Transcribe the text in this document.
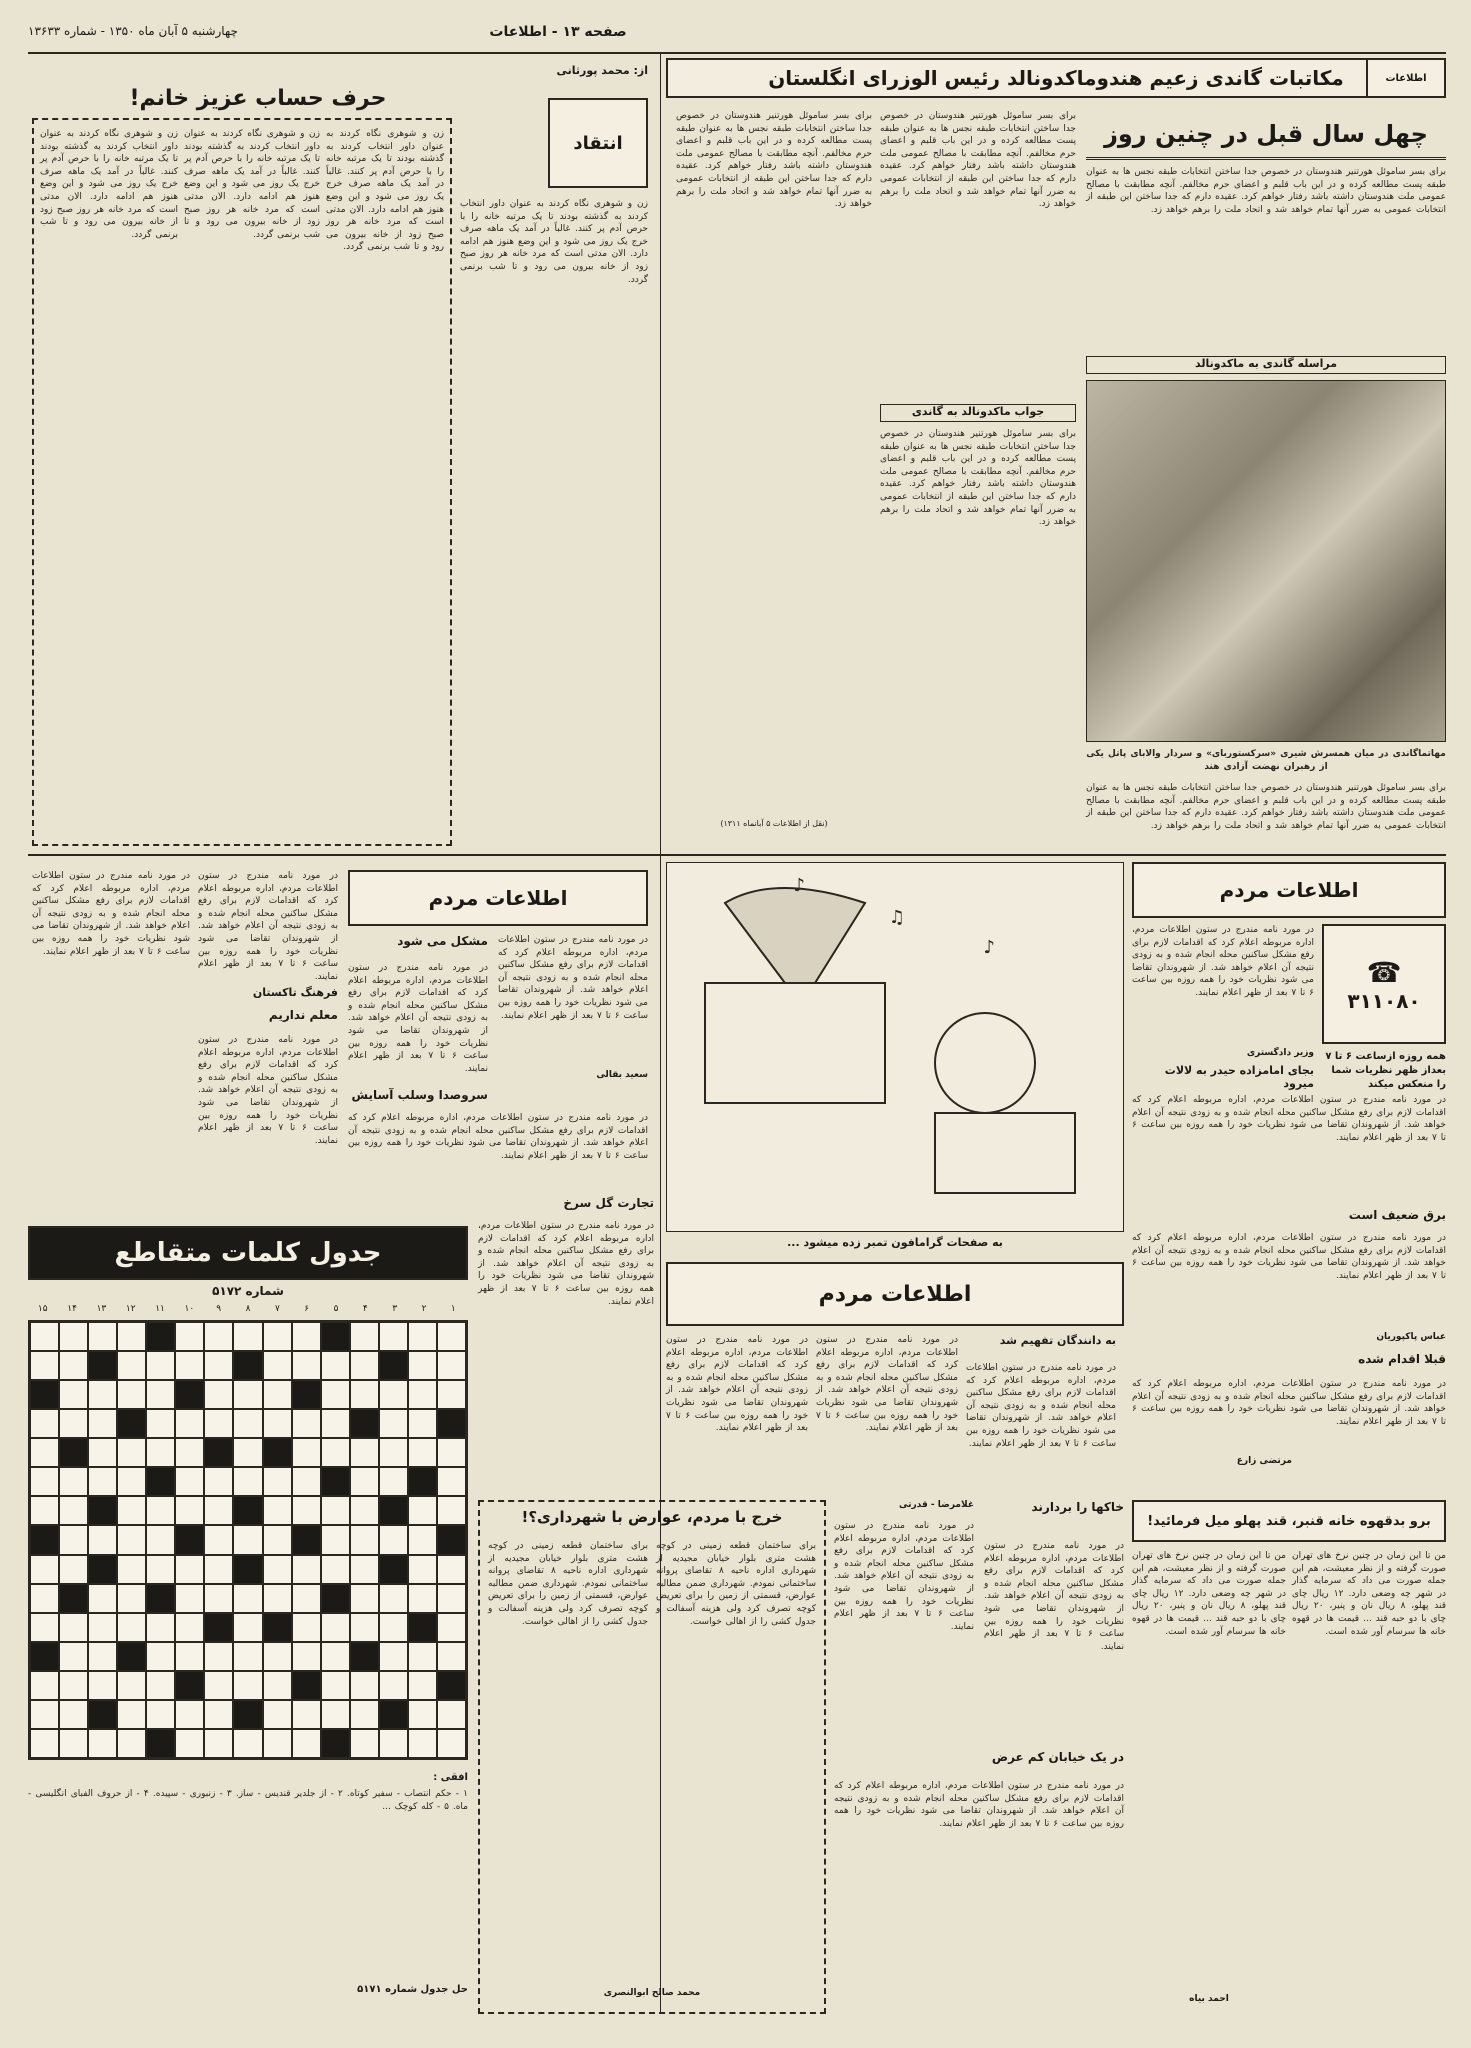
چهارشنبه ۵ آبان ماه ۱۳۵۰ - شماره ۱۳۶۳۳	صفحه ۱۳ - اطلاعات
مکاتبات گاندی زعیم هندوماکدونالد رئیس الوزرای انگلستان	اطلاعات
چهل سال قبل در چنین روز
برای بسر ساموئل هورتنیر هندوستان در خصوص جدا ساختن انتخابات طبقه نجس ها به عنوان طبقه پست مطالعه کرده و در این باب قلبم و اعضای حرم مخالفم. آنچه مطابقت با مصالح عمومی ملت هندوستان داشته باشد رفتار خواهم کرد. عقیده دارم که جدا ساختن این طبقه از انتخابات عمومی به ضرر آنها تمام خواهد شد و اتحاد ملت را برهم خواهد زد.
مراسله گاندی به ماکدونالد
مهاتماگاندی در میان همسرش شیری «سرکستوربای» و سردار والابای پاتل یکی از رهبران نهضت آزادی هند
برای بسر ساموئل هورتنیر هندوستان در خصوص جدا ساختن انتخابات طبقه نجس ها به عنوان طبقه پست مطالعه کرده و در این باب قلبم و اعضای حرم مخالفم. آنچه مطابقت با مصالح عمومی ملت هندوستان داشته باشد رفتار خواهم کرد. عقیده دارم که جدا ساختن این طبقه از انتخابات عمومی به ضرر آنها تمام خواهد شد و اتحاد ملت را برهم خواهد زد.
برای بسر ساموئل هورتنیر هندوستان در خصوص جدا ساختن انتخابات طبقه نجس ها به عنوان طبقه پست مطالعه کرده و در این باب قلبم و اعضای حرم مخالفم. آنچه مطابقت با مصالح عمومی ملت هندوستان داشته باشد رفتار خواهم کرد. عقیده دارم که جدا ساختن این طبقه از انتخابات عمومی به ضرر آنها تمام خواهد شد و اتحاد ملت را برهم خواهد زد.
جواب ماکدونالد به گاندی
برای بسر ساموئل هورتنیر هندوستان در خصوص جدا ساختن انتخابات طبقه نجس ها به عنوان طبقه پست مطالعه کرده و در این باب قلبم و اعضای حرم مخالفم. آنچه مطابقت با مصالح عمومی ملت هندوستان داشته باشد رفتار خواهم کرد. عقیده دارم که جدا ساختن این طبقه از انتخابات عمومی به ضرر آنها تمام خواهد شد و اتحاد ملت را برهم خواهد زد.
برای بسر ساموئل هورتنیر هندوستان در خصوص جدا ساختن انتخابات طبقه نجس ها به عنوان طبقه پست مطالعه کرده و در این باب قلبم و اعضای حرم مخالفم. آنچه مطابقت با مصالح عمومی ملت هندوستان داشته باشد رفتار خواهم کرد. عقیده دارم که جدا ساختن این طبقه از انتخابات عمومی به ضرر آنها تمام خواهد شد و اتحاد ملت را برهم خواهد زد.
(نقل از اطلاعات ۵ آبانماه ۱۳۱۱)
از: محمد پورثانی
حرف حساب عزیز خانم!
زن و شوهری نگاه کردند به عنوان داور انتخاب کردند به گذشته بودند تا یک مرتبه خانه را با حرص آدم پر کنند. غالباً در آمد یک ماهه صرف خرج یک روز می شود و این وضع هنوز هم ادامه دارد. الان مدتی است که مرد خانه هر روز صبح زود از خانه بیرون می رود و تا شب برنمی گردد.
زن و شوهری نگاه کردند به عنوان داور انتخاب کردند به گذشته بودند تا یک مرتبه خانه را با حرص آدم پر کنند. غالباً در آمد یک ماهه صرف خرج یک روز می شود و این وضع هنوز هم ادامه دارد. الان مدتی است که مرد خانه هر روز صبح زود از خانه بیرون می رود و تا شب برنمی گردد.
زن و شوهری نگاه کردند به عنوان داور انتخاب کردند به گذشته بودند تا یک مرتبه خانه را با حرص آدم پر کنند. غالباً در آمد یک ماهه صرف خرج یک روز می شود و این وضع هنوز هم ادامه دارد. الان مدتی است که مرد خانه هر روز صبح زود از خانه بیرون می رود و تا شب برنمی گردد.
انتقاد
زن و شوهری نگاه کردند به عنوان داور انتخاب کردند به گذشته بودند تا یک مرتبه خانه را با حرص آدم پر کنند. غالباً در آمد یک ماهه صرف خرج یک روز می شود و این وضع هنوز هم ادامه دارد. الان مدتی است که مرد خانه هر روز صبح زود از خانه بیرون می رود و تا شب برنمی گردد.
اطلاعات مردم
☎
۳۱۱۰۸۰
همه روزه ازساعت ۶ تا ۷ بعداز ظهر نظریات شما را منعکس میکند
در مورد نامه مندرج در ستون اطلاعات مردم، اداره مربوطه اعلام کرد که اقدامات لازم برای رفع مشکل ساکنین محله انجام شده و به زودی نتیجه آن اعلام خواهد شد. از شهروندان تقاضا می شود نظریات خود را همه روزه بین ساعت ۶ تا ۷ بعد از ظهر اعلام نمایند.
وزیر دادگستری
بجای امامزاده حیدر به لالات میرود
در مورد نامه مندرج در ستون اطلاعات مردم، اداره مربوطه اعلام کرد که اقدامات لازم برای رفع مشکل ساکنین محله انجام شده و به زودی نتیجه آن اعلام خواهد شد. از شهروندان تقاضا می شود نظریات خود را همه روزه بین ساعت ۶ تا ۷ بعد از ظهر اعلام نمایند.
برق ضعیف است
در مورد نامه مندرج در ستون اطلاعات مردم، اداره مربوطه اعلام کرد که اقدامات لازم برای رفع مشکل ساکنین محله انجام شده و به زودی نتیجه آن اعلام خواهد شد. از شهروندان تقاضا می شود نظریات خود را همه روزه بین ساعت ۶ تا ۷ بعد از ظهر اعلام نمایند.
عباس پاکپوریان
قبلا اقدام شده
در مورد نامه مندرج در ستون اطلاعات مردم، اداره مربوطه اعلام کرد که اقدامات لازم برای رفع مشکل ساکنین محله انجام شده و به زودی نتیجه آن اعلام خواهد شد. از شهروندان تقاضا می شود نظریات خود را همه روزه بین ساعت ۶ تا ۷ بعد از ظهر اعلام نمایند.
♪
♫
♪
به صفحات گرامافون تمبر زده میشود ...
اطلاعات مردم
در مورد نامه مندرج در ستون اطلاعات مردم، اداره مربوطه اعلام کرد که اقدامات لازم برای رفع مشکل ساکنین محله انجام شده و به زودی نتیجه آن اعلام خواهد شد. از شهروندان تقاضا می شود نظریات خود را همه روزه بین ساعت ۶ تا ۷ بعد از ظهر اعلام نمایند.
مشکل می شود
در مورد نامه مندرج در ستون اطلاعات مردم، اداره مربوطه اعلام کرد که اقدامات لازم برای رفع مشکل ساکنین محله انجام شده و به زودی نتیجه آن اعلام خواهد شد. از شهروندان تقاضا می شود نظریات خود را همه روزه بین ساعت ۶ تا ۷ بعد از ظهر اعلام نمایند.
سعید بقالی
سروصدا وسلب آسایش
در مورد نامه مندرج در ستون اطلاعات مردم، اداره مربوطه اعلام کرد که اقدامات لازم برای رفع مشکل ساکنین محله انجام شده و به زودی نتیجه آن اعلام خواهد شد. از شهروندان تقاضا می شود نظریات خود را همه روزه بین ساعت ۶ تا ۷ بعد از ظهر اعلام نمایند.
در مورد نامه مندرج در ستون اطلاعات مردم، اداره مربوطه اعلام کرد که اقدامات لازم برای رفع مشکل ساکنین محله انجام شده و به زودی نتیجه آن اعلام خواهد شد. از شهروندان تقاضا می شود نظریات خود را همه روزه بین ساعت ۶ تا ۷ بعد از ظهر اعلام نمایند.
فرهنگ تاکستان
معلم نداریم
در مورد نامه مندرج در ستون اطلاعات مردم، اداره مربوطه اعلام کرد که اقدامات لازم برای رفع مشکل ساکنین محله انجام شده و به زودی نتیجه آن اعلام خواهد شد. از شهروندان تقاضا می شود نظریات خود را همه روزه بین ساعت ۶ تا ۷ بعد از ظهر اعلام نمایند.
در مورد نامه مندرج در ستون اطلاعات مردم، اداره مربوطه اعلام کرد که اقدامات لازم برای رفع مشکل ساکنین محله انجام شده و به زودی نتیجه آن اعلام خواهد شد. از شهروندان تقاضا می شود نظریات خود را همه روزه بین ساعت ۶ تا ۷ بعد از ظهر اعلام نمایند.
تجارت گل سرخ
در مورد نامه مندرج در ستون اطلاعات مردم، اداره مربوطه اعلام کرد که اقدامات لازم برای رفع مشکل ساکنین محله انجام شده و به زودی نتیجه آن اعلام خواهد شد. از شهروندان تقاضا می شود نظریات خود را همه روزه بین ساعت ۶ تا ۷ بعد از ظهر اعلام نمایند.	اطلاعات مردم
به دانندگان تفهیم شد
در مورد نامه مندرج در ستون اطلاعات مردم، اداره مربوطه اعلام کرد که اقدامات لازم برای رفع مشکل ساکنین محله انجام شده و به زودی نتیجه آن اعلام خواهد شد. از شهروندان تقاضا می شود نظریات خود را همه روزه بین ساعت ۶ تا ۷ بعد از ظهر اعلام نمایند.
در مورد نامه مندرج در ستون اطلاعات مردم، اداره مربوطه اعلام کرد که اقدامات لازم برای رفع مشکل ساکنین محله انجام شده و به زودی نتیجه آن اعلام خواهد شد. از شهروندان تقاضا می شود نظریات خود را همه روزه بین ساعت ۶ تا ۷ بعد از ظهر اعلام نمایند.
در مورد نامه مندرج در ستون اطلاعات مردم، اداره مربوطه اعلام کرد که اقدامات لازم برای رفع مشکل ساکنین محله انجام شده و به زودی نتیجه آن اعلام خواهد شد. از شهروندان تقاضا می شود نظریات خود را همه روزه بین ساعت ۶ تا ۷ بعد از ظهر اعلام نمایند.
مرتضی زارع
جدول کلمات متقاطع
شماره ۵۱۷۲
۱
۲
۳
۴
۵
۶
۷
۸
۹
۱۰
۱۱
۱۲
۱۳
۱۴
۱۵
افقی :
۱ - حکم انتصاب - سفیر کوتاه. ۲ - از جلدیر قندیس - ساز. ۳ - زنبوری - سپیده. ۴ - از حروف الفبای انگلیسی - ماه. ۵ - کله کوچک ...
حل جدول شماره ۵۱۷۱
خرج با مردم، عوارض با شهرداری؟!
برای ساختمان قطعه زمینی در کوچه هشت متری بلوار خیابان مجیدیه از شهرداری اداره ناحیه ۸ تقاضای پروانه ساختمانی نمودم. شهرداری ضمن مطالبه عوارض، قسمتی از زمین را برای تعریض کوچه تصرف کرد ولی هزینه آسفالت و جدول کشی را از اهالی خواست.
برای ساختمان قطعه زمینی در کوچه هشت متری بلوار خیابان مجیدیه از شهرداری اداره ناحیه ۸ تقاضای پروانه ساختمانی نمودم. شهرداری ضمن مطالبه عوارض، قسمتی از زمین را برای تعریض کوچه تصرف کرد ولی هزینه آسفالت و جدول کشی را از اهالی خواست.
محمد صالح ابوالنصری
خاکها را بردارند
در مورد نامه مندرج در ستون اطلاعات مردم، اداره مربوطه اعلام کرد که اقدامات لازم برای رفع مشکل ساکنین محله انجام شده و به زودی نتیجه آن اعلام خواهد شد. از شهروندان تقاضا می شود نظریات خود را همه روزه بین ساعت ۶ تا ۷ بعد از ظهر اعلام نمایند.
غلامرضا - قدرتی
در مورد نامه مندرج در ستون اطلاعات مردم، اداره مربوطه اعلام کرد که اقدامات لازم برای رفع مشکل ساکنین محله انجام شده و به زودی نتیجه آن اعلام خواهد شد. از شهروندان تقاضا می شود نظریات خود را همه روزه بین ساعت ۶ تا ۷ بعد از ظهر اعلام نمایند.
در یک خیابان کم عرض
در مورد نامه مندرج در ستون اطلاعات مردم، اداره مربوطه اعلام کرد که اقدامات لازم برای رفع مشکل ساکنین محله انجام شده و به زودی نتیجه آن اعلام خواهد شد. از شهروندان تقاضا می شود نظریات خود را همه روزه بین ساعت ۶ تا ۷ بعد از ظهر اعلام نمایند.
برو بدقهوه خانه قنبر، قند پهلو میل فرمائید!
من تا این زمان در چنین نرخ های تهران صورت گرفته و از نظر معیشت، هم این جمله صورت می داد که سرمایه گذار در شهر چه وضعی دارد. ۱۲ ریال چای قند پهلو، ۸ ریال نان و پنیر، ۲۰ ریال چای با دو حبه قند ... قیمت ها در قهوه خانه ها سرسام آور شده است.
من تا این زمان در چنین نرخ های تهران صورت گرفته و از نظر معیشت، هم این جمله صورت می داد که سرمایه گذار در شهر چه وضعی دارد. ۱۲ ریال چای قند پهلو، ۸ ریال نان و پنیر، ۲۰ ریال چای با دو حبه قند ... قیمت ها در قهوه خانه ها سرسام آور شده است.
احمد بیاه
